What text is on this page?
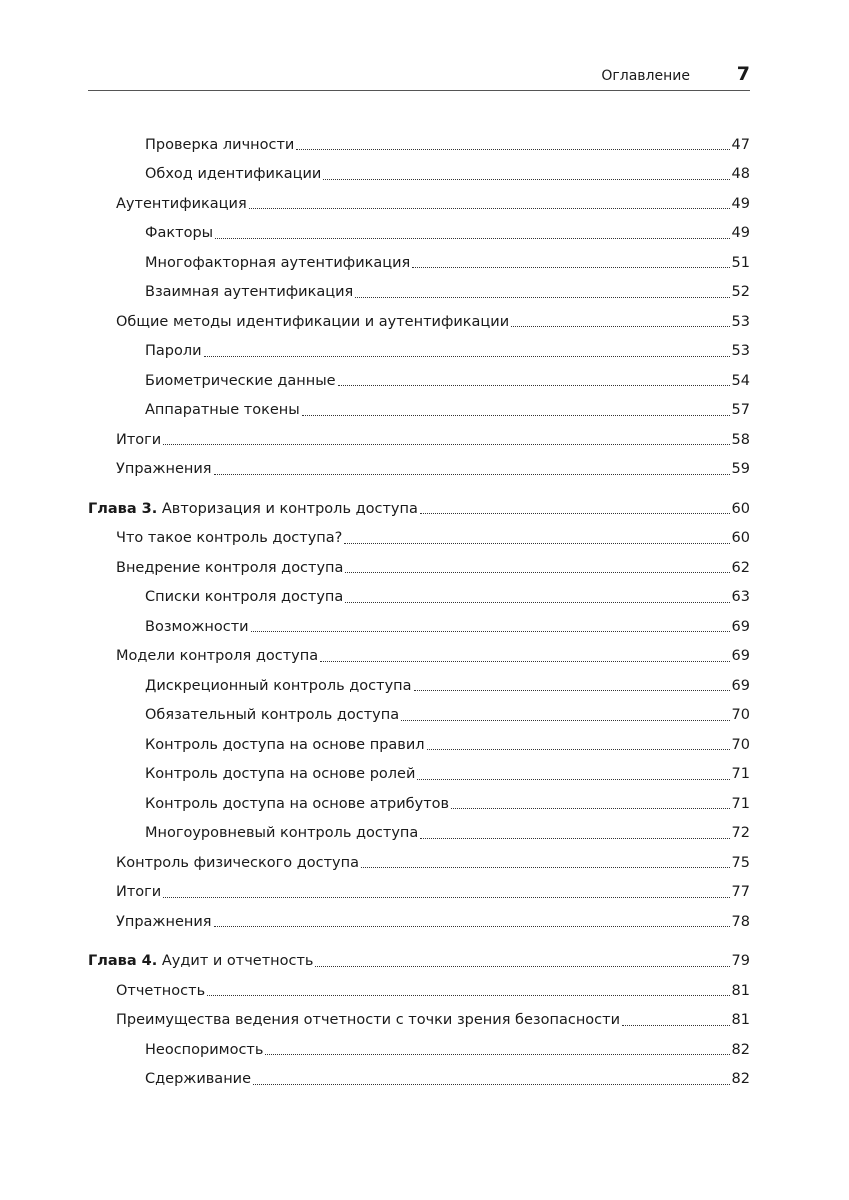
Оглавление 7
Проверка личности	47
Обход идентификации	48
Аутентификация	49
Факторы	49
Многофакторная аутентификация	51
Взаимная аутентификация	52
Общие методы идентификации и аутентификации	53
Пароли	53
Биометрические данные	54
Аппаратные токены	57
Итоги	58
Упражнения	59
Глава 3. Авторизация и контроль доступа	60
Что такое контроль доступа?	60
Внедрение контроля доступа	62
Списки контроля доступа	63
Возможности	69
Модели контроля доступа	69
Дискреционный контроль доступа	69
Обязательный контроль доступа	70
Контроль доступа на основе правил	70
Контроль доступа на основе ролей	71
Контроль доступа на основе атрибутов	71
Многоуровневый контроль доступа	72
Контроль физического доступа	75
Итоги	77
Упражнения	78
Глава 4. Аудит и отчетность	79
Отчетность	81
Преимущества ведения отчетности с точки зрения безопасности	81
Неоспоримость	82
Сдерживание	82
